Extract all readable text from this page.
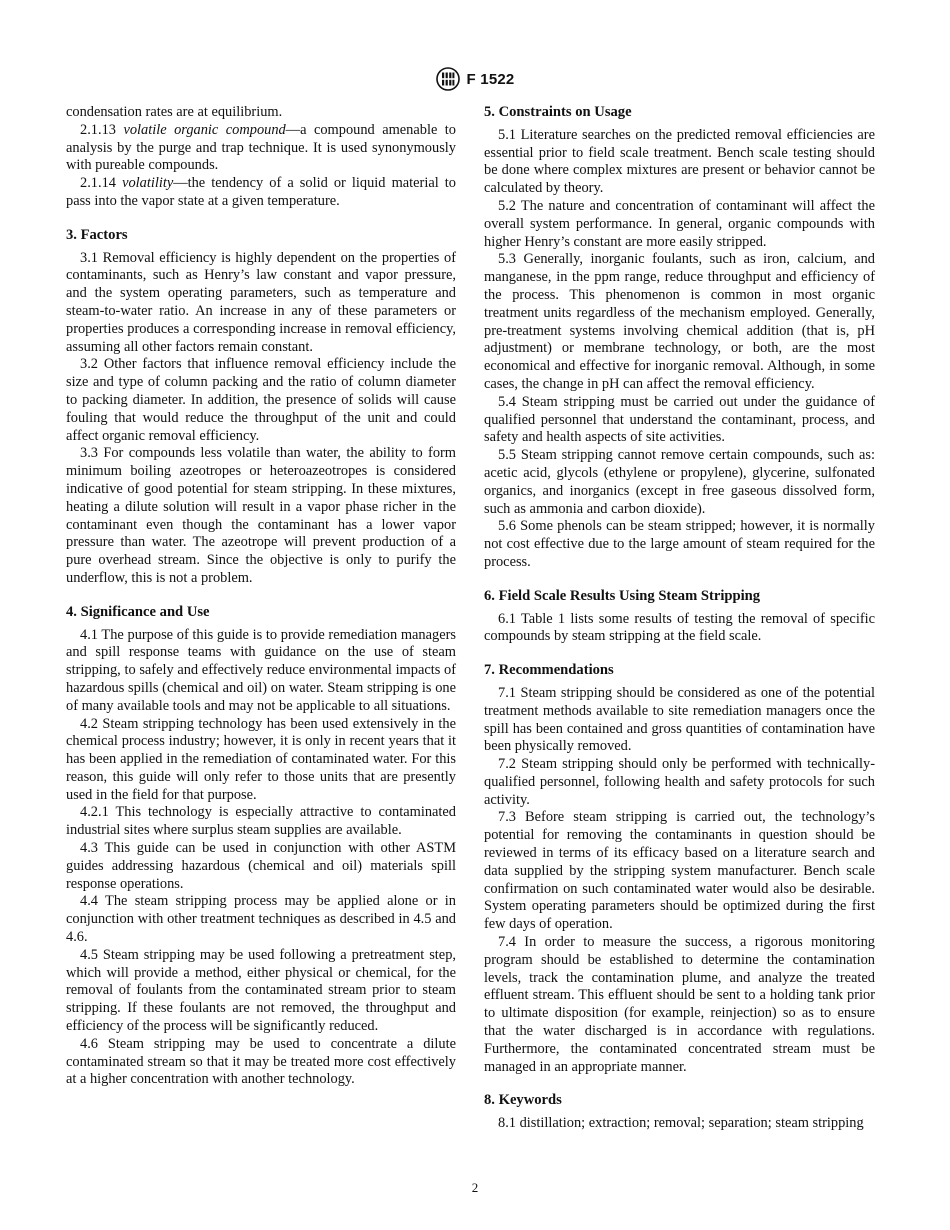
F 1522

condensation rates are at equilibrium.

2.1.13 volatile organic compound—a compound amenable to analysis by the purge and trap technique. It is used synonymously with pureable compounds.

2.1.14 volatility—the tendency of a solid or liquid material to pass into the vapor state at a given temperature.

3. Factors

3.1 Removal efficiency is highly dependent on the properties of contaminants, such as Henry’s law constant and vapor pressure, and the system operating parameters, such as temperature and steam-to-water ratio. An increase in any of these parameters or properties produces a corresponding increase in removal efficiency, assuming all other factors remain constant.

3.2 Other factors that influence removal efficiency include the size and type of column packing and the ratio of column diameter to packing diameter. In addition, the presence of solids will cause fouling that would reduce the throughput of the unit and could affect organic removal efficiency.

3.3 For compounds less volatile than water, the ability to form minimum boiling azeotropes or heteroazeotropes is considered indicative of good potential for steam stripping. In these mixtures, heating a dilute solution will result in a vapor phase richer in the contaminant even though the contaminant has a lower vapor pressure than water. The azeotrope will prevent production of a pure overhead stream. Since the objective is only to purify the underflow, this is not a problem.

4. Significance and Use

4.1 The purpose of this guide is to provide remediation managers and spill response teams with guidance on the use of steam stripping, to safely and effectively reduce environmental impacts of hazardous spills (chemical and oil) on water. Steam stripping is one of many available tools and may not be applicable to all situations.

4.2 Steam stripping technology has been used extensively in the chemical process industry; however, it is only in recent years that it has been applied in the remediation of contaminated water. For this reason, this guide will only refer to those units that are presently used in the field for that purpose.

4.2.1 This technology is especially attractive to contaminated industrial sites where surplus steam supplies are available.

4.3 This guide can be used in conjunction with other ASTM guides addressing hazardous (chemical and oil) materials spill response operations.

4.4 The steam stripping process may be applied alone or in conjunction with other treatment techniques as described in 4.5 and 4.6.

4.5 Steam stripping may be used following a pretreatment step, which will provide a method, either physical or chemical, for the removal of foulants from the contaminated stream prior to steam stripping. If these foulants are not removed, the throughput and efficiency of the process will be significantly reduced.

4.6 Steam stripping may be used to concentrate a dilute contaminated stream so that it may be treated more cost effectively at a higher concentration with another technology.

5. Constraints on Usage

5.1 Literature searches on the predicted removal efficiencies are essential prior to field scale treatment. Bench scale testing should be done where complex mixtures are present or behavior cannot be calculated by theory.

5.2 The nature and concentration of contaminant will affect the overall system performance. In general, organic compounds with higher Henry’s constant are more easily stripped.

5.3 Generally, inorganic foulants, such as iron, calcium, and manganese, in the ppm range, reduce throughput and efficiency of the process. This phenomenon is common in most organic treatment units regardless of the mechanism employed. Generally, pre-treatment systems involving chemical addition (that is, pH adjustment) or membrane technology, or both, are the most economical and effective for inorganic removal. Although, in some cases, the change in pH can affect the removal efficiency.

5.4 Steam stripping must be carried out under the guidance of qualified personnel that understand the contaminant, process, and safety and health aspects of site activities.

5.5 Steam stripping cannot remove certain compounds, such as: acetic acid, glycols (ethylene or propylene), glycerine, sulfonated organics, and inorganics (except in free gaseous dissolved form, such as ammonia and carbon dioxide).

5.6 Some phenols can be steam stripped; however, it is normally not cost effective due to the large amount of steam required for the process.

6. Field Scale Results Using Steam Stripping

6.1 Table 1 lists some results of testing the removal of specific compounds by steam stripping at the field scale.

7. Recommendations

7.1 Steam stripping should be considered as one of the potential treatment methods available to site remediation managers once the spill has been contained and gross quantities of contamination have been physically removed.

7.2 Steam stripping should only be performed with technically-qualified personnel, following health and safety protocols for such activity.

7.3 Before steam stripping is carried out, the technology’s potential for removing the contaminants in question should be reviewed in terms of its efficacy based on a literature search and data supplied by the stripping system manufacturer. Bench scale confirmation on such contaminated water would also be desirable. System operating parameters should be optimized during the first few days of operation.

7.4 In order to measure the success, a rigorous monitoring program should be established to determine the contamination levels, track the contamination plume, and analyze the treated effluent stream. This effluent should be sent to a holding tank prior to ultimate disposition (for example, reinjection) so as to ensure that the water discharged is in accordance with regulations. Furthermore, the contaminated concentrated stream must be managed in an appropriate manner.

8. Keywords

8.1 distillation; extraction; removal; separation; steam stripping

2
